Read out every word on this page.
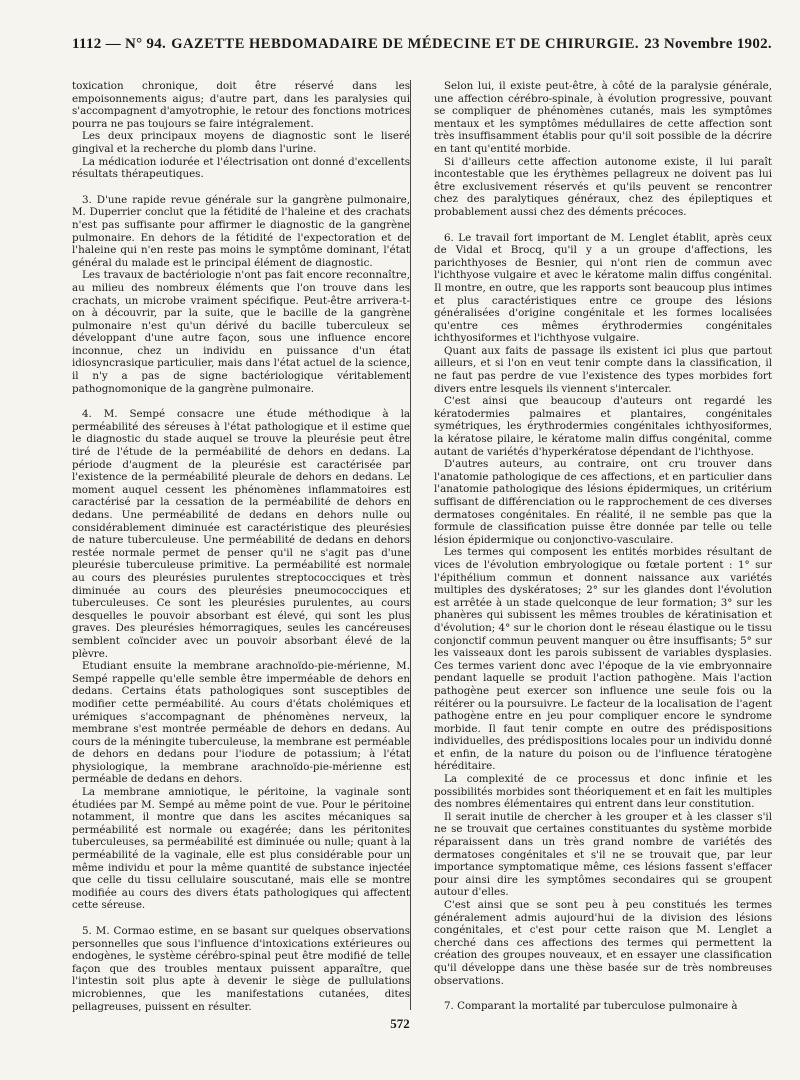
1112 — N° 94. GAZETTE HEBDOMADAIRE DE MÉDECINE ET DE CHIRURGIE. 23 Novembre 1902.

toxication chronique, doit être réservé dans les empoisonnements aigus; d'autre part, dans les paralysies qui s'accompagnent d'amyotrophie, le retour des fonctions motrices pourra ne pas toujours se faire intégralement.

Les deux principaux moyens de diagnostic sont le liseré gingival et la recherche du plomb dans l'urine.

La médication iodurée et l'électrisation ont donné d'excellents résultats thérapeutiques.

3. D'une rapide revue générale sur la gangrène pulmonaire, M. Duperrier conclut que la fétidité de l'haleine et des crachats n'est pas suffisante pour affirmer le diagnostic de la gangrène pulmonaire. En dehors de la fétidité de l'expectoration et de l'haleine qui n'en reste pas moins le symptôme dominant, l'état général du malade est le principal élément de diagnostic.

Les travaux de bactériologie n'ont pas fait encore reconnaître, au milieu des nombreux éléments que l'on trouve dans les crachats, un microbe vraiment spécifique. Peut-être arrivera-t-on à découvrir, par la suite, que le bacille de la gangrène pulmonaire n'est qu'un dérivé du bacille tuberculeux se développant d'une autre façon, sous une influence encore inconnue, chez un individu en puissance d'un état idiosyncrasique particulier, mais dans l'état actuel de la science, il n'y a pas de signe bactériologique véritablement pathognomonique de la gangrène pulmonaire.

4. M. Sempé consacre une étude méthodique à la perméabilité des séreuses à l'état pathologique et il estime que le diagnostic du stade auquel se trouve la pleurésie peut être tiré de l'étude de la perméabilité de dehors en dedans. La période d'augment de la pleurésie est caractérisée par l'existence de la perméabilité pleurale de dehors en dedans. Le moment auquel cessent les phénomènes inflammatoires est caractérisé par la cessation de la perméabilité de dehors en dedans. Une perméabilité de dedans en dehors nulle ou considérablement diminuée est caractéristique des pleurésies de nature tuberculeuse. Une perméabilité de dedans en dehors restée normale permet de penser qu'il ne s'agit pas d'une pleurésie tuberculeuse primitive. La perméabilité est normale au cours des pleurésies purulentes streptococciques et très diminuée au cours des pleurésies pneumococciques et tuberculeuses. Ce sont les pleurésies purulentes, au cours desquelles le pouvoir absorbant est élevé, qui sont les plus graves. Des pleurésies hémorragiques, seules les cancéreuses semblent coïncider avec un pouvoir absorbant élevé de la plèvre.

Etudiant ensuite la membrane arachnoïdo-pie-mérienne, M. Sempé rappelle qu'elle semble être imperméable de dehors en dedans. Certains états pathologiques sont susceptibles de modifier cette perméabilité. Au cours d'états cholémiques et urémiques s'accompagnant de phénomènes nerveux, la membrane s'est montrée perméable de dehors en dedans. Au cours de la méningite tuberculeuse, la membrane est perméable de dehors en dedans pour l'iodure de potassium; à l'état physiologique, la membrane arachnoïdo-pie-mérienne est perméable de dedans en dehors.

La membrane amniotique, le péritoine, la vaginale sont étudiées par M. Sempé au même point de vue. Pour le péritoine notamment, il montre que dans les ascites mécaniques sa perméabilité est normale ou exagérée; dans les péritonites tuberculeuses, sa perméabilité est diminuée ou nulle; quant à la perméabilité de la vaginale, elle est plus considérable pour un même individu et pour la même quantité de substance injectée que celle du tissu cellulaire souscutané, mais elle se montre modifiée au cours des divers états pathologiques qui affectent cette séreuse.

5. M. Cormao estime, en se basant sur quelques observations personnelles que sous l'influence d'intoxications extérieures ou endogènes, le système cérébro-spinal peut être modifié de telle façon que des troubles mentaux puissent apparaître, que l'intestin soit plus apte à devenir le siège de pullulations microbiennes, que les manifestations cutanées, dites pellagreuses, puissent en résulter.

Selon lui, il existe peut-être, à côté de la paralysie générale, une affection cérébro-spinale, à évolution progressive, pouvant se compliquer de phénomènes cutanés, mais les symptômes mentaux et les symptômes médullaires de cette affection sont très insuffisamment établis pour qu'il soit possible de la décrire en tant qu'entité morbide.

Si d'ailleurs cette affection autonome existe, il lui paraît incontestable que les érythèmes pellagreux ne doivent pas lui être exclusivement réservés et qu'ils peuvent se rencontrer chez des paralytiques généraux, chez des épileptiques et probablement aussi chez des déments précoces.

6. Le travail fort important de M. Lenglet établit, après ceux de Vidal et Brocq, qu'il y a un groupe d'affections, les parichthyoses de Besnier, qui n'ont rien de commun avec l'ichthyose vulgaire et avec le kératome malin diffus congénital. Il montre, en outre, que les rapports sont beaucoup plus intimes et plus caractéristiques entre ce groupe des lésions généralisées d'origine congénitale et les formes localisées qu'entre ces mêmes érythrodermies congénitales ichthyosiformes et l'ichthyose vulgaire.

Quant aux faits de passage ils existent ici plus que partout ailleurs, et si l'on en veut tenir compte dans la classification, il ne faut pas perdre de vue l'existence des types morbides fort divers entre lesquels ils viennent s'intercaler.

C'est ainsi que beaucoup d'auteurs ont regardé les kératodermies palmaires et plantaires, congénitales symétriques, les érythrodermies congénitales ichthyosiformes, la kératose pilaire, le kératome malin diffus congénital, comme autant de variétés d'hyperkératose dépendant de l'ichthyose.

D'autres auteurs, au contraire, ont cru trouver dans l'anatomie pathologique de ces affections, et en particulier dans l'anatomie pathologique des lésions épidermiques, un critérium suffisant de différenciation ou le rapprochement de ces diverses dermatoses congénitales. En réalité, il ne semble pas que la formule de classification puisse être donnée par telle ou telle lésion épidermique ou conjonctivo-vasculaire.

Les termes qui composent les entités morbides résultant de vices de l'évolution embryologique ou fœtale portent : 1° sur l'épithélium commun et donnent naissance aux variétés multiples des dyskératoses; 2° sur les glandes dont l'évolution est arrêtée à un stade quelconque de leur formation; 3° sur les phanères qui subissent les mêmes troubles de kératinisation et d'évolution; 4° sur le chorion dont le réseau élastique ou le tissu conjonctif commun peuvent manquer ou être insuffisants; 5° sur les vaisseaux dont les parois subissent de variables dysplasies. Ces termes varient donc avec l'époque de la vie embryonnaire pendant laquelle se produit l'action pathogène. Mais l'action pathogène peut exercer son influence une seule fois ou la réitérer ou la poursuivre. Le facteur de la localisation de l'agent pathogène entre en jeu pour compliquer encore le syndrome morbide. Il faut tenir compte en outre des prédispositions individuelles, des prédispositions locales pour un individu donné et enfin, de la nature du poison ou de l'influence tératogène héréditaire.

La complexité de ce processus et donc infinie et les possibilités morbides sont théoriquement et en fait les multiples des nombres élémentaires qui entrent dans leur constitution.

Il serait inutile de chercher à les grouper et à les classer s'il ne se trouvait que certaines constituantes du système morbide réparaissent dans un très grand nombre de variétés des dermatoses congénitales et s'il ne se trouvait que, par leur importance symptomatique même, ces lésions fassent s'effacer pour ainsi dire les symptômes secondaires qui se groupent autour d'elles.

C'est ainsi que se sont peu à peu constitués les termes généralement admis aujourd'hui de la division des lésions congénitales, et c'est pour cette raison que M. Lenglet a cherché dans ces affections des termes qui permettent la création des groupes nouveaux, et en essayer une classification qu'il développe dans une thèse basée sur de très nombreuses observations.

7. Comparant la mortalité par tuberculose pulmonaire à

572
